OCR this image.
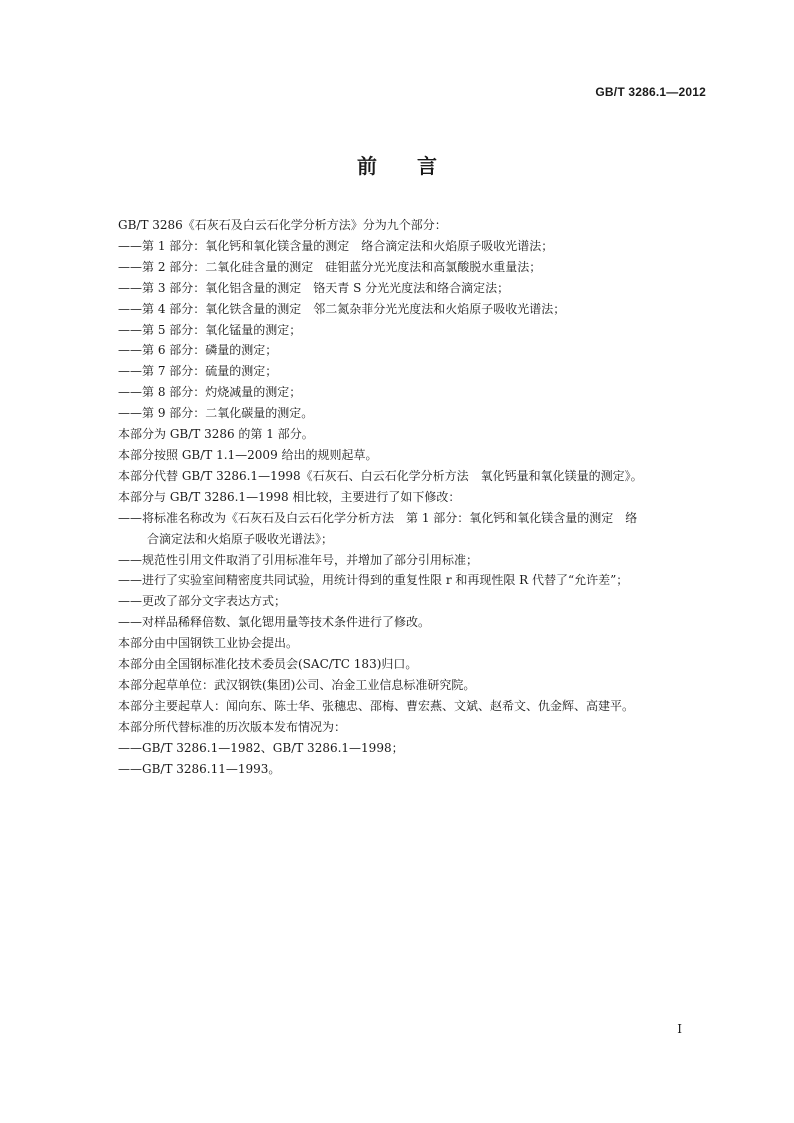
GB/T 3286.1—2012
前言
GB/T 3286《石灰石及白云石化学分析方法》分为九个部分：
——第 1 部分：氧化钙和氧化镁含量的测定　络合滴定法和火焰原子吸收光谱法；
——第 2 部分：二氧化硅含量的测定　硅钼蓝分光光度法和高氯酸脱水重量法；
——第 3 部分：氧化铝含量的测定　铬天青 S 分光光度法和络合滴定法；
——第 4 部分：氧化铁含量的测定　邻二氮杂菲分光光度法和火焰原子吸收光谱法；
——第 5 部分：氧化锰量的测定；
——第 6 部分：磷量的测定；
——第 7 部分：硫量的测定；
——第 8 部分：灼烧减量的测定；
——第 9 部分：二氧化碳量的测定。
本部分为 GB/T 3286 的第 1 部分。
本部分按照 GB/T 1.1—2009 给出的规则起草。
本部分代替 GB/T 3286.1—1998《石灰石、白云石化学分析方法　氧化钙量和氧化镁量的测定》。
本部分与 GB/T 3286.1—1998 相比较，主要进行了如下修改：
——将标准名称改为《石灰石及白云石化学分析方法　第 1 部分：氧化钙和氧化镁含量的测定　络
合滴定法和火焰原子吸收光谱法》；
——规范性引用文件取消了引用标准年号，并增加了部分引用标准；
——进行了实验室间精密度共同试验，用统计得到的重复性限 r 和再现性限 R 代替了“允许差”；
——更改了部分文字表达方式；
——对样品稀释倍数、氯化锶用量等技术条件进行了修改。
本部分由中国钢铁工业协会提出。
本部分由全国钢标准化技术委员会(SAC/TC 183)归口。
本部分起草单位：武汉钢铁(集团)公司、冶金工业信息标准研究院。
本部分主要起草人：闻向东、陈士华、张穗忠、邵梅、曹宏燕、文斌、赵希文、仇金辉、高建平。
本部分所代替标准的历次版本发布情况为：
——GB/T 3286.1—1982、GB/T 3286.1—1998；
——GB/T 3286.11—1993。
I
